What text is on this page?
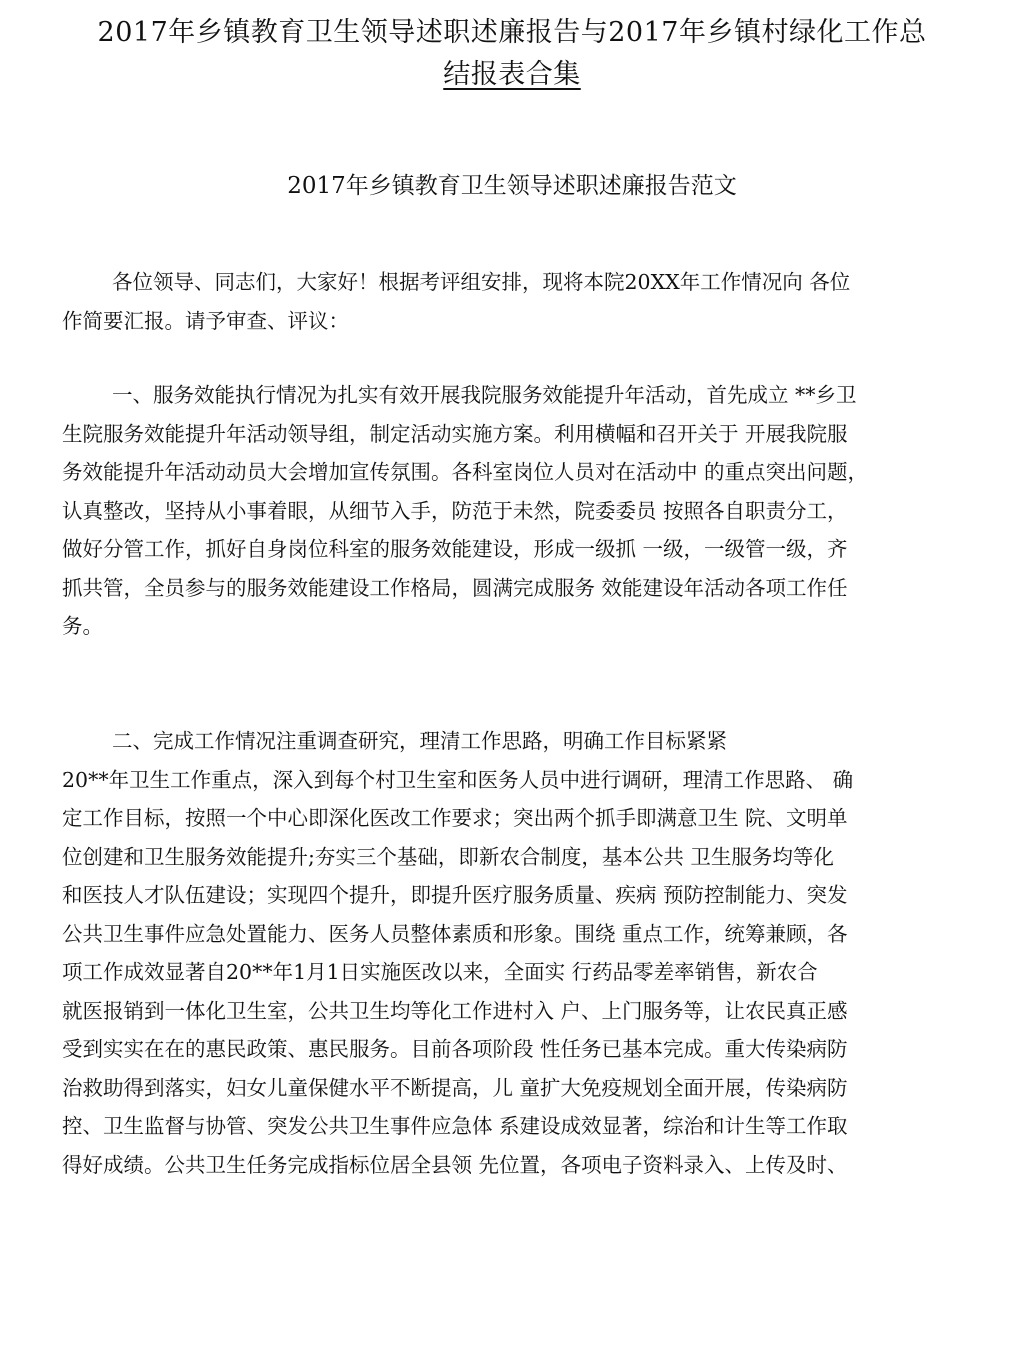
2017年乡镇教育卫生领导述职述廉报告与2017年乡镇村绿化工作总
结报表合集
2017年乡镇教育卫生领导述职述廉报告范文
各位领导、同志们，大家好！根据考评组安排，现将本院20XX年工作情况向 各位
作简要汇报。请予审查、评议：
一、服务效能执行情况为扎实有效开展我院服务效能提升年活动，首先成立 **乡卫
生院服务效能提升年活动领导组，制定活动实施方案。利用横幅和召开关于 开展我院服
务效能提升年活动动员大会增加宣传氛围。各科室岗位人员对在活动中 的重点突出问题，
认真整改，坚持从小事着眼，从细节入手，防范于未然，院委委员 按照各自职责分工，
做好分管工作，抓好自身岗位科室的服务效能建设，形成一级抓 一级，一级管一级，齐
抓共管，全员参与的服务效能建设工作格局，圆满完成服务 效能建设年活动各项工作任
务。
二、完成工作情况注重调查研究，理清工作思路，明确工作目标紧紧
20**年卫生工作重点，深入到每个村卫生室和医务人员中进行调研，理清工作思路、 确
定工作目标，按照一个中心即深化医改工作要求；突出两个抓手即满意卫生 院、文明单
位创建和卫生服务效能提升;夯实三个基础，即新农合制度，基本公共 卫生服务均等化
和医技人才队伍建设；实现四个提升，即提升医疗服务质量、疾病 预防控制能力、突发
公共卫生事件应急处置能力、医务人员整体素质和形象。围绕 重点工作，统筹兼顾，各
项工作成效显著自20**年1月1日实施医改以来，全面实 行药品零差率销售，新农合
就医报销到一体化卫生室，公共卫生均等化工作进村入 户、上门服务等，让农民真正感
受到实实在在的惠民政策、惠民服务。目前各项阶段 性任务已基本完成。重大传染病防
治救助得到落实，妇女儿童保健水平不断提高，儿 童扩大免疫规划全面开展，传染病防
控、卫生监督与协管、突发公共卫生事件应急体 系建设成效显著，综治和计生等工作取
得好成绩。公共卫生任务完成指标位居全县领 先位置，各项电子资料录入、上传及时、
